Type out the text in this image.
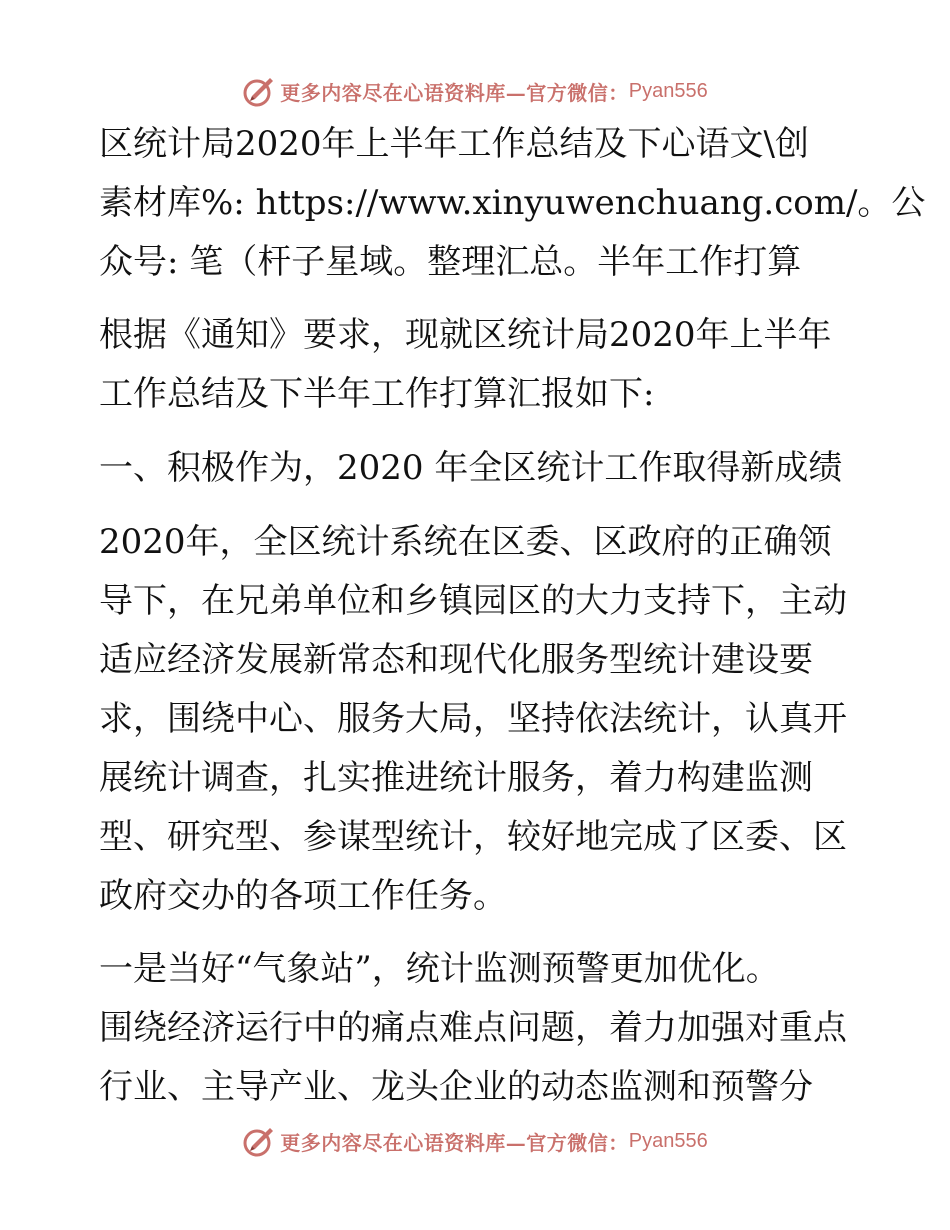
更多内容尽在心语资料库—官方微信： Pyan556
区统计局2020年上半年工作总结及下心语文\创
素材库%: https://www.xinyuwenchuang.com/。公
众号: 笔（杆子星域。整理汇总。半年工作打算
根据《通知》要求，现就区统计局2020年上半年
工作总结及下半年工作打算汇报如下:
一、积极作为，2020 年全区统计工作取得新成绩
2020年，全区统计系统在区委、区政府的正确领
导下，在兄弟单位和乡镇园区的大力支持下，主动
适应经济发展新常态和现代化服务型统计建设要
求，围绕中心、服务大局，坚持依法统计，认真开
展统计调查，扎实推进统计服务，着力构建监测
型、研究型、参谋型统计，较好地完成了区委、区
政府交办的各项工作任务。
一是当好“气象站”，统计监测预警更加优化。
围绕经济运行中的痛点难点问题，着力加强对重点
行业、主导产业、龙头企业的动态监测和预警分
更多内容尽在心语资料库—官方微信： Pyan556
